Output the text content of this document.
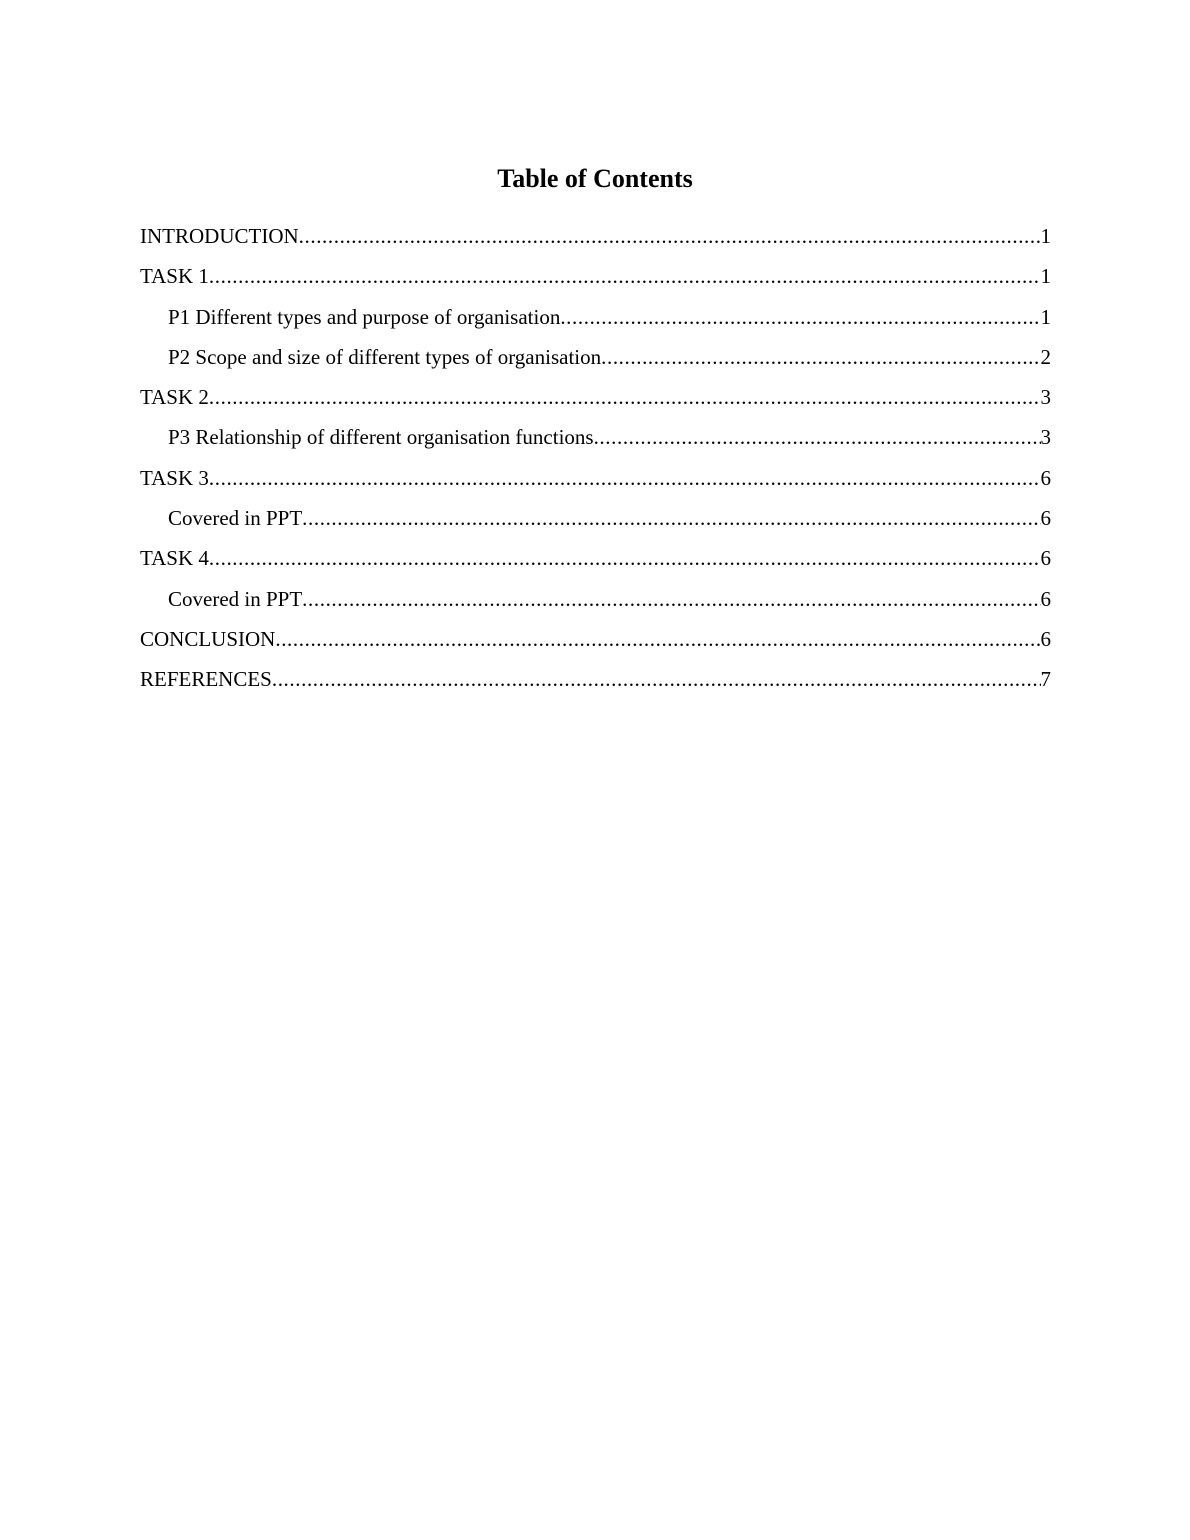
Table of Contents
INTRODUCTION .....	1
TASK 1 .....	1
P1 Different types and purpose of organisation .....	1
P2 Scope and size of different types of organisation .....	2
TASK 2 .....	3
P3 Relationship of different organisation functions .....	3
TASK 3 .....	6
Covered in PPT .....	6
TASK 4 .....	6
Covered in PPT .....	6
CONCLUSION .....	6
REFERENCES .....	7
